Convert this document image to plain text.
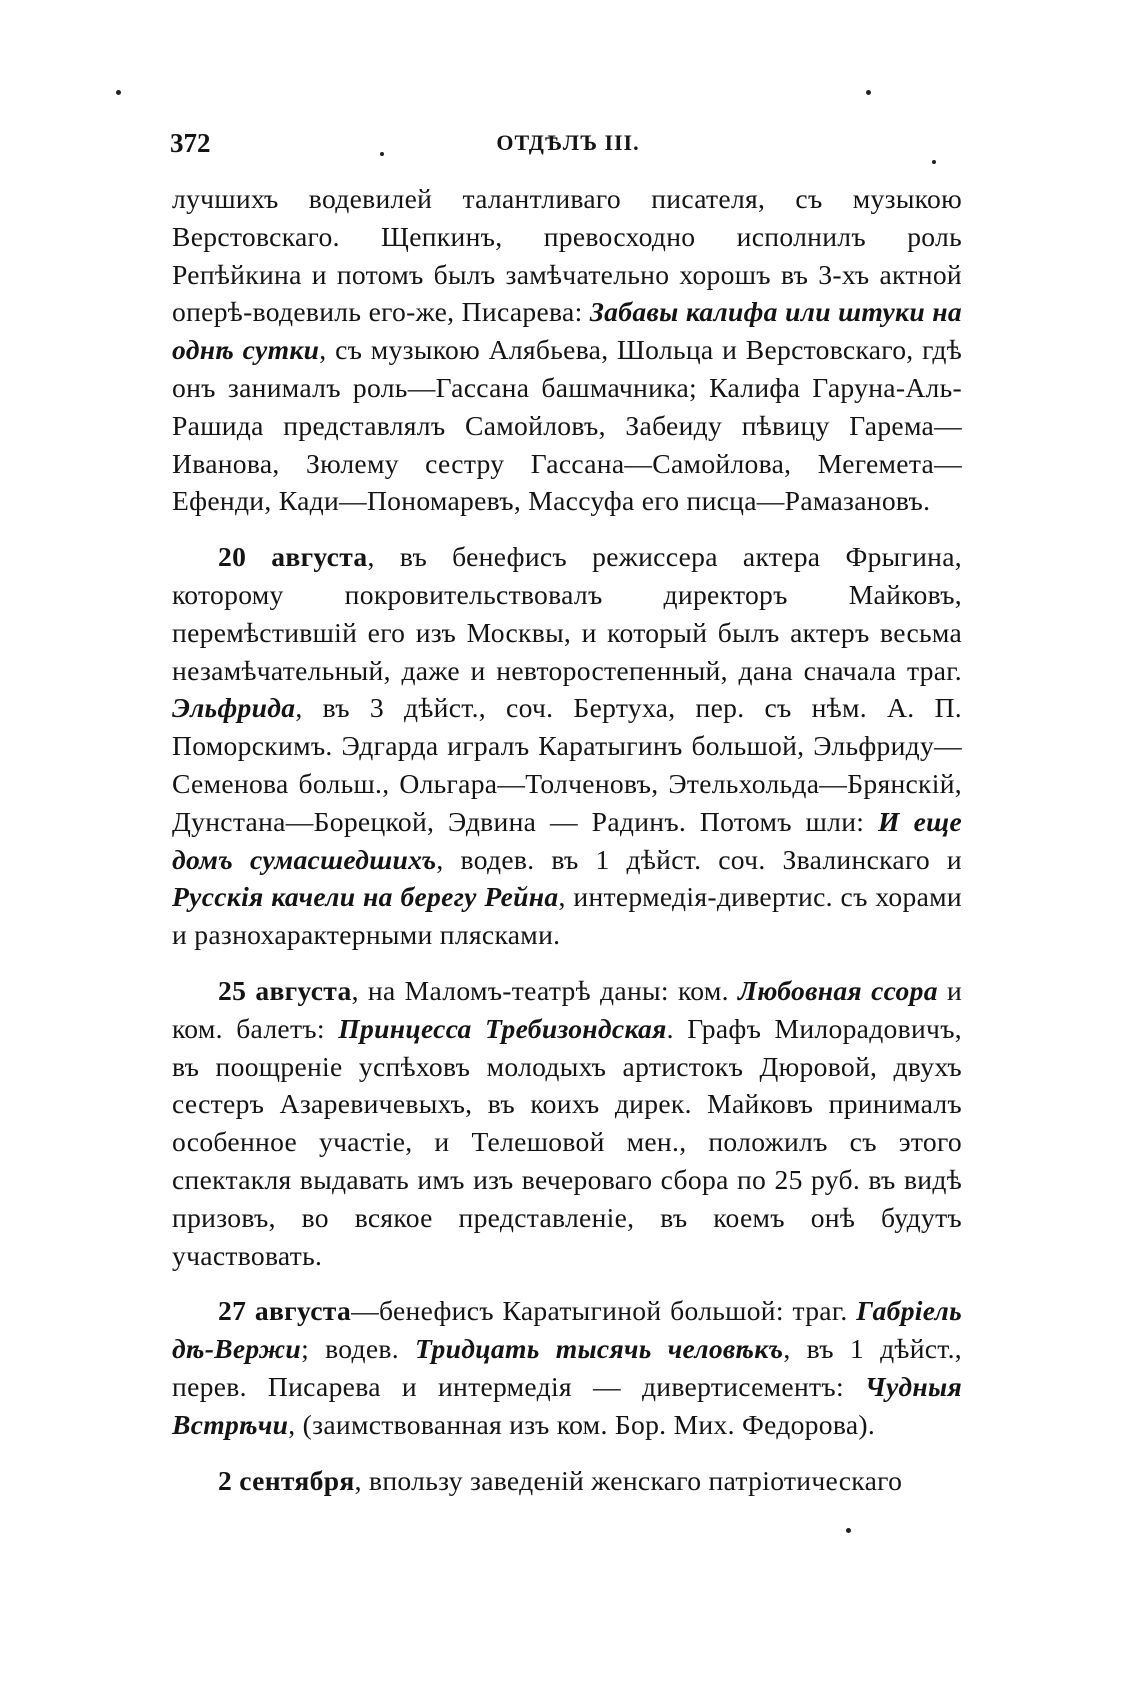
372	ОТДѢЛЪ III.

лучшихъ водевилей талантливаго писателя, съ музыкою Верстовскаго. Щепкинъ, превосходно исполнилъ роль Репѣйкина и потомъ былъ замѣчательно хорошъ въ 3-хъ актной оперѣ-водевиль его-же, Писарева: Забавы калифа или штуки на однѣ сутки, съ музыкою Алябьева, Шольца и Верстовскаго, гдѣ онъ занималъ роль—Гассана башмачника; Калифа Гаруна-Аль-Рашида представлялъ Самойловъ, Забеиду пѣвицу Гарема—Иванова, Зюлему сестру Гассана—Самойлова, Мегемета—Ефенди, Кади—Пономаревъ, Массуфа его писца—Рамазановъ.

20 августа, въ бенефисъ режиссера актера Фрыгина, которому покровительствовалъ директоръ Майковъ, перемѣстившій его изъ Москвы, и который былъ актеръ весьма незамѣчательный, даже и невторостепенный, дана сначала траг. Эльфрида, въ 3 дѣйст., соч. Бертуха, пер. съ нѣм. А. П. Поморскимъ. Эдгарда игралъ Каратыгинъ большой, Эльфриду—Семенова больш., Ольгара—Толченовъ, Этельхольда—Брянскій, Дунстана—Борецкой, Эдвина — Радинъ. Потомъ шли: И еще домъ сумасшедшихъ, водев. въ 1 дѣйст. соч. Звалинскаго и Русскія качели на берегу Рейна, интермедія-дивертис. съ хорами и разнохарактерными плясками.

25 августа, на Маломъ-театрѣ даны: ком. Любовная ссора и ком. балетъ: Принцесса Требизондская. Графъ Милорадовичъ, въ поощреніе успѣховъ молодыхъ артистокъ Дюровой, двухъ сестеръ Азаревичевыхъ, въ коихъ дирек. Майковъ принималъ особенное участіе, и Телешовой мен., положилъ съ этого спектакля выдавать имъ изъ вечероваго сбора по 25 руб. въ видѣ призовъ, во всякое представленіе, въ коемъ онѣ будутъ участвовать.

27 августа—бенефисъ Каратыгиной большой: траг. Габріель дѣ-Вержи; водев. Тридцать тысячь человѣкъ, въ 1 дѣйст., перев. Писарева и интермедія — дивертисементъ: Чудныя Встрѣчи, (заимствованная изъ ком. Бор. Мих. Федорова).

2 сентября, впользу заведеній женскаго патріотическаго
